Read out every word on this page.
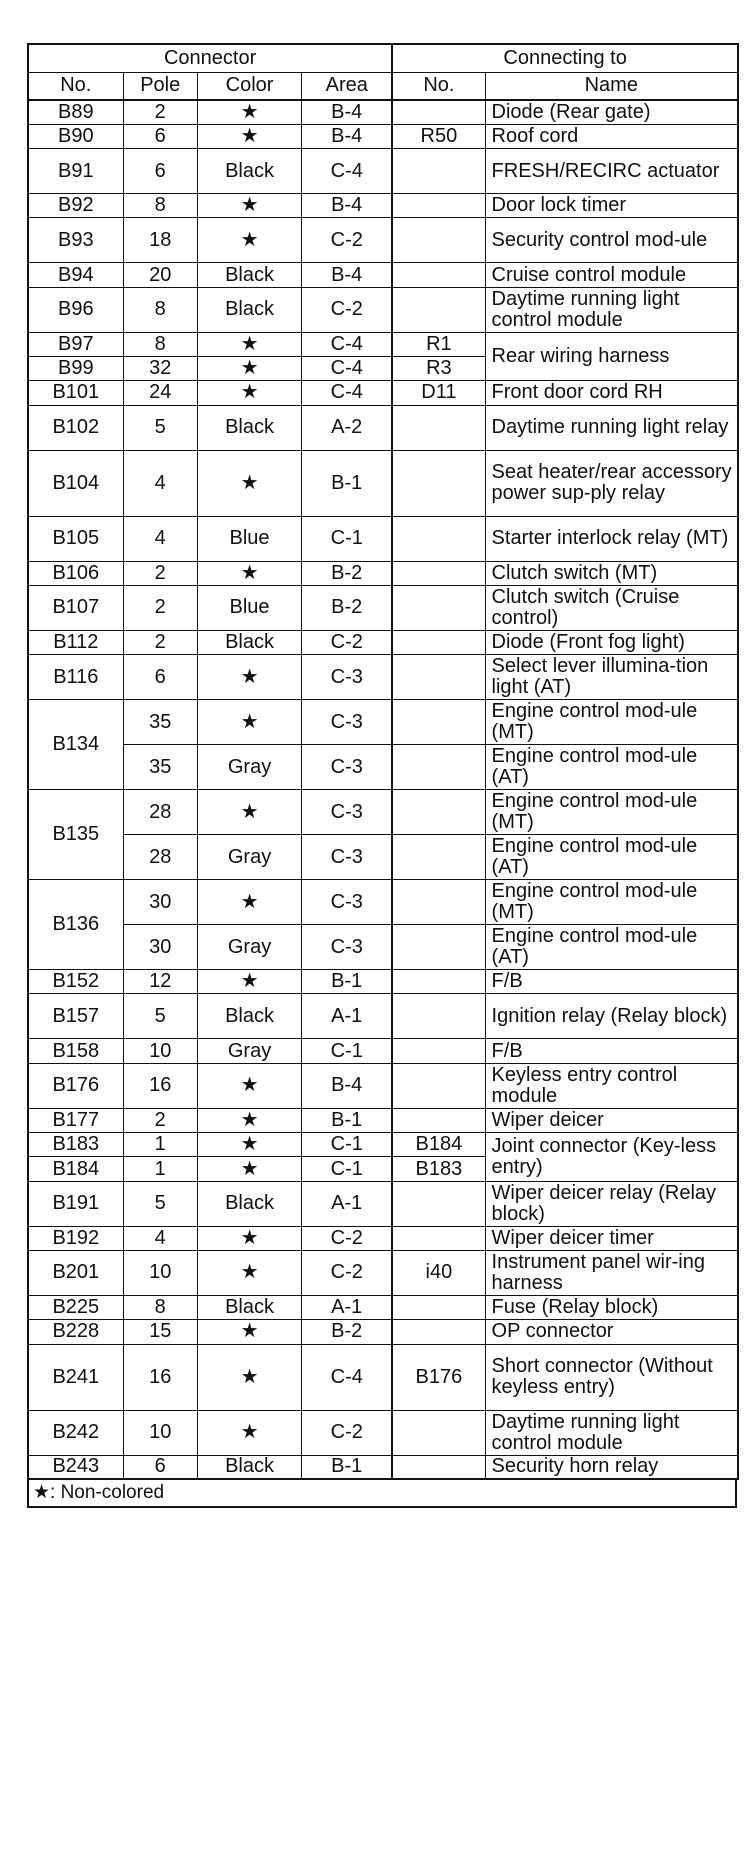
Connector				Connecting to	
No.	Pole	Color	Area	No.	Name
B89	2	★	B-4		Diode (Rear gate)
B90	6	★	B-4	R50	Roof cord
B91	6	Black	C-4		FRESH/RECIRC actuator
B92	8	★	B-4		Door lock timer
B93	18	★	C-2		Security control mod-ule
B94	20	Black	B-4		Cruise control module
B96	8	Black	C-2		Daytime running light control module
B97	8	★	C-4	R1	Rear wiring harness
B99	32	★	C-4	R3	
B101	24	★	C-4	D11	Front door cord RH
B102	5	Black	A-2		Daytime running light relay
B104	4	★	B-1		Seat heater/rear accessory power sup-ply relay
B105	4	Blue	C-1		Starter interlock relay (MT)
B106	2	★	B-2		Clutch switch (MT)
B107	2	Blue	B-2		Clutch switch (Cruise control)
B112	2	Black	C-2		Diode (Front fog light)
B116	6	★	C-3		Select lever illumina-tion light (AT)
B134	35	★	C-3		Engine control mod-ule (MT)
	35	Gray	C-3		Engine control mod-ule (AT)
B135	28	★	C-3		Engine control mod-ule (MT)
	28	Gray	C-3		Engine control mod-ule (AT)
B136	30	★	C-3		Engine control mod-ule (MT)
	30	Gray	C-3		Engine control mod-ule (AT)
B152	12	★	B-1		F/B
B157	5	Black	A-1		Ignition relay (Relay block)
B158	10	Gray	C-1		F/B
B176	16	★	B-4		Keyless entry control module
B177	2	★	B-1		Wiper deicer
B183	1	★	C-1	B184	Joint connector (Key-less entry)
B184	1	★	C-1	B183	
B191	5	Black	A-1		Wiper deicer relay (Relay block)
B192	4	★	C-2		Wiper deicer timer
B201	10	★	C-2	i40	Instrument panel wir-ing harness
B225	8	Black	A-1		Fuse (Relay block)
B228	15	★	B-2		OP connector
B241	16	★	C-4	B176	Short connector (Without keyless entry)
B242	10	★	C-2		Daytime running light control module
B243	6	Black	B-1		Security horn relay
★: Non-colored
